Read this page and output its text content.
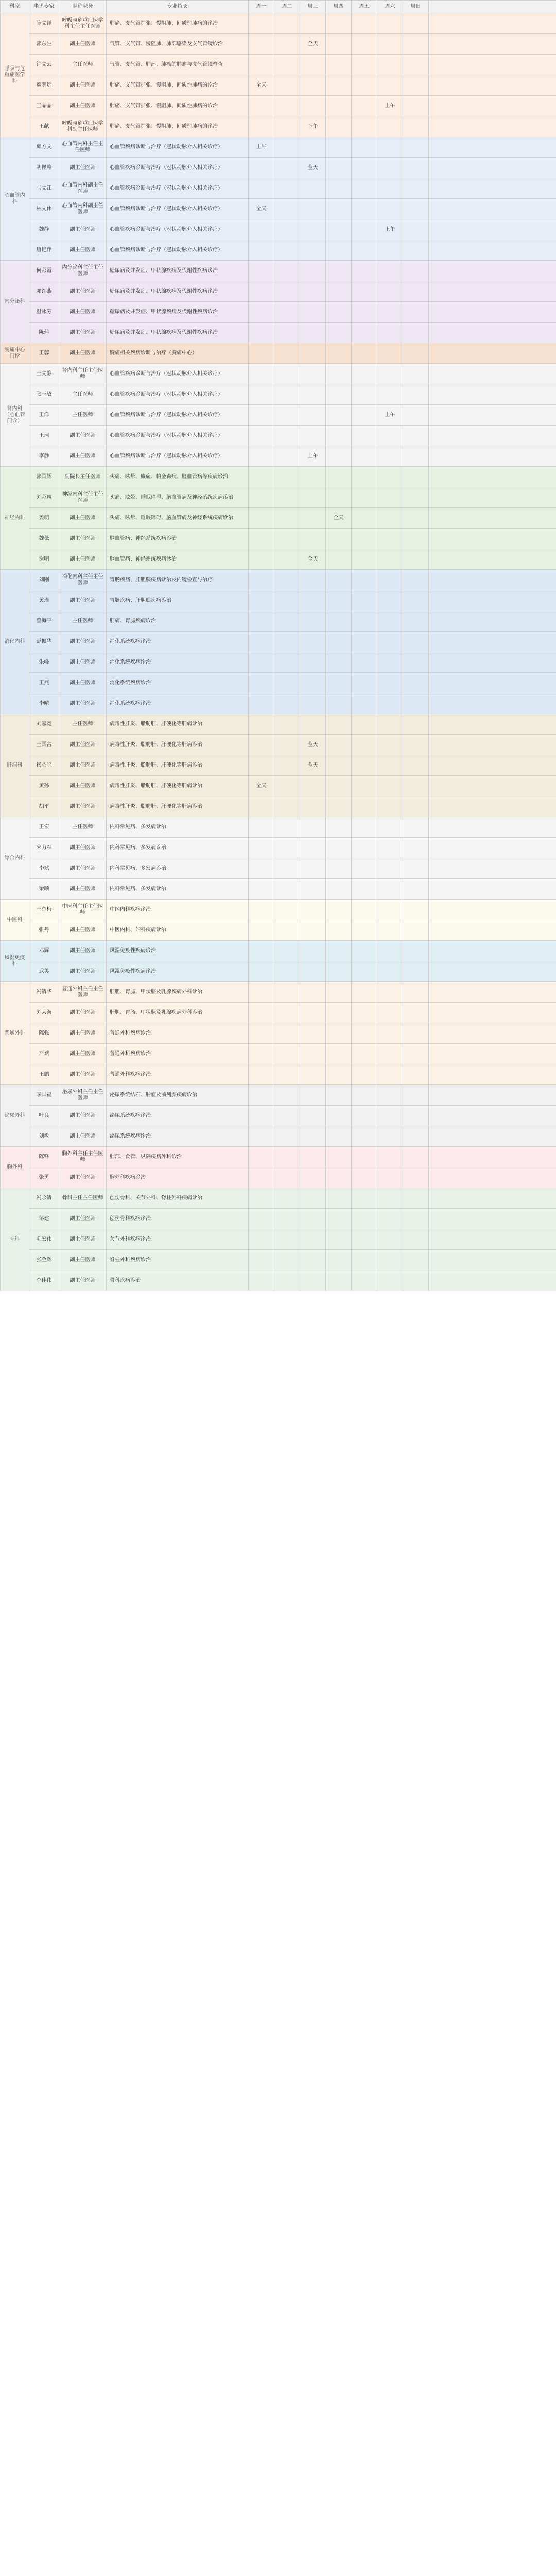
科室	坐诊专家	职称职务	专业特长	周一	周二	周三	周四	周五	周六	周日	
呼吸与危重症医学科	陈文祥	呼吸与危重症医学科主任主任医师	肺癌、支气管扩张、慢阻肺、间质性肺病的诊治								
	郭东生	副主任医师	气管、支气管、慢阻肺、肺部感染及支气管镜诊治			全天					
	钟文云	主任医师	气管、支气管、肺部、肺癌的肿瘤与支气管镜检查								
	魏明远	副主任医师	肺癌、支气管扩张、慢阻肺、间质性肺病的诊治	全天							
	王晶晶	副主任医师	肺癌、支气管扩张、慢阻肺、间质性肺病的诊治						上午		
	王献	呼吸与危重症医学科副主任医师	肺癌、支气管扩张、慢阻肺、间质性肺病的诊治			下午					
心血管内科	邱方文	心血管内科主任主任医师	心血管疾病诊断与治疗（冠状动脉介入相关诊疗）	上午							
	胡佩峰	副主任医师	心血管疾病诊断与治疗（冠状动脉介入相关诊疗）			全天					
	马文江	心血管内科副主任医师	心血管疾病诊断与治疗（冠状动脉介入相关诊疗）								
	林文伟	心血管内科副主任医师	心血管疾病诊断与治疗（冠状动脉介入相关诊疗）	全天							
	魏静	副主任医师	心血管疾病诊断与治疗（冠状动脉介入相关诊疗）						上午		
	唐艳萍	副主任医师	心血管疾病诊断与治疗（冠状动脉介入相关诊疗）								
内分泌科	何彩霞	内分泌科主任主任医师	糖尿病及并发症、甲状腺疾病及代谢性疾病诊治								
	邓红燕	副主任医师	糖尿病及并发症、甲状腺疾病及代谢性疾病诊治								
	温冰芳	副主任医师	糖尿病及并发症、甲状腺疾病及代谢性疾病诊治								
	陈萍	副主任医师	糖尿病及并发症、甲状腺疾病及代谢性疾病诊治								
胸痛中心门诊	王蓉	副主任医师	胸痛相关疾病诊断与治疗（胸痛中心）								
肾内科（心血管门诊）	王文静	肾内科主任主任医师	心血管疾病诊断与治疗（冠状动脉介入相关诊疗）								
	张玉敏	主任医师	心血管疾病诊断与治疗（冠状动脉介入相关诊疗）								
	王洋	主任医师	心血管疾病诊断与治疗（冠状动脉介入相关诊疗）						上午		
	王珂	副主任医师	心血管疾病诊断与治疗（冠状动脉介入相关诊疗）								
	李静	副主任医师	心血管疾病诊断与治疗（冠状动脉介入相关诊疗）			上午					
神经内科	郭国辉	副院长主任医师	头痛、眩晕、癫痫、帕金森病、脑血管病等疾病诊治								
	刘彩凤	神经内科主任主任医师	头痛、眩晕、睡眠障碍、脑血管病及神经系统疾病诊治								
	姜萌	副主任医师	头痛、眩晕、睡眠障碍、脑血管病及神经系统疾病诊治				全天				
	魏薇	副主任医师	脑血管病、神经系统疾病诊治								
	谢明	副主任医师	脑血管病、神经系统疾病诊治			全天					
消化内科	刘刚	消化内科主任主任医师	胃肠疾病、肝胆胰疾病诊治及内镜检查与治疗								
	黄瑾	副主任医师	胃肠疾病、肝胆胰疾病诊治								
	曾海平	主任医师	肝病、胃肠疾病诊治								
	彭振华	副主任医师	消化系统疾病诊治								
	朱峰	副主任医师	消化系统疾病诊治								
	王燕	副主任医师	消化系统疾病诊治								
	李晴	副主任医师	消化系统疾病诊治								
肝病科	刘嘉宽	主任医师	病毒性肝炎、脂肪肝、肝硬化等肝病诊治								
	王国富	副主任医师	病毒性肝炎、脂肪肝、肝硬化等肝病诊治			全天					
	杨心平	副主任医师	病毒性肝炎、脂肪肝、肝硬化等肝病诊治			全天					
	黄孙	副主任医师	病毒性肝炎、脂肪肝、肝硬化等肝病诊治	全天							
	胡平	副主任医师	病毒性肝炎、脂肪肝、肝硬化等肝病诊治								
综合内科	王宏	主任医师	内科常见病、多发病诊治								
	宋力军	副主任医师	内科常见病、多发病诊治								
	李斌	副主任医师	内科常见病、多发病诊治								
	梁顺	副主任医师	内科常见病、多发病诊治								
中医科	王东梅	中医科主任主任医师	中医内科疾病诊治								
	张丹	副主任医师	中医内科、妇科疾病诊治								
风湿免疫科	邓辉	副主任医师	风湿免疫性疾病诊治								
	武英	副主任医师	风湿免疫性疾病诊治								
普通外科	冯清华	普通外科主任主任医师	肝胆、胃肠、甲状腺及乳腺疾病外科诊治								
	刘大海	副主任医师	肝胆、胃肠、甲状腺及乳腺疾病外科诊治								
	陈强	副主任医师	普通外科疾病诊治								
	严斌	副主任医师	普通外科疾病诊治								
	王鹏	副主任医师	普通外科疾病诊治								
泌尿外科	李国福	泌尿外科主任主任医师	泌尿系统结石、肿瘤及前列腺疾病诊治								
	叶良	副主任医师	泌尿系统疾病诊治								
	刘敏	副主任医师	泌尿系统疾病诊治								
胸外科	陈锋	胸外科主任主任医师	肺部、食管、纵隔疾病外科诊治								
	张勇	副主任医师	胸外科疾病诊治								
骨科	冯永清	骨科主任主任医师	创伤骨科、关节外科、脊柱外科疾病诊治								
	邹建	副主任医师	创伤骨科疾病诊治								
	毛宏伟	副主任医师	关节外科疾病诊治								
	张金辉	副主任医师	脊柱外科疾病诊治								
	李佳伟	副主任医师	骨科疾病诊治								
